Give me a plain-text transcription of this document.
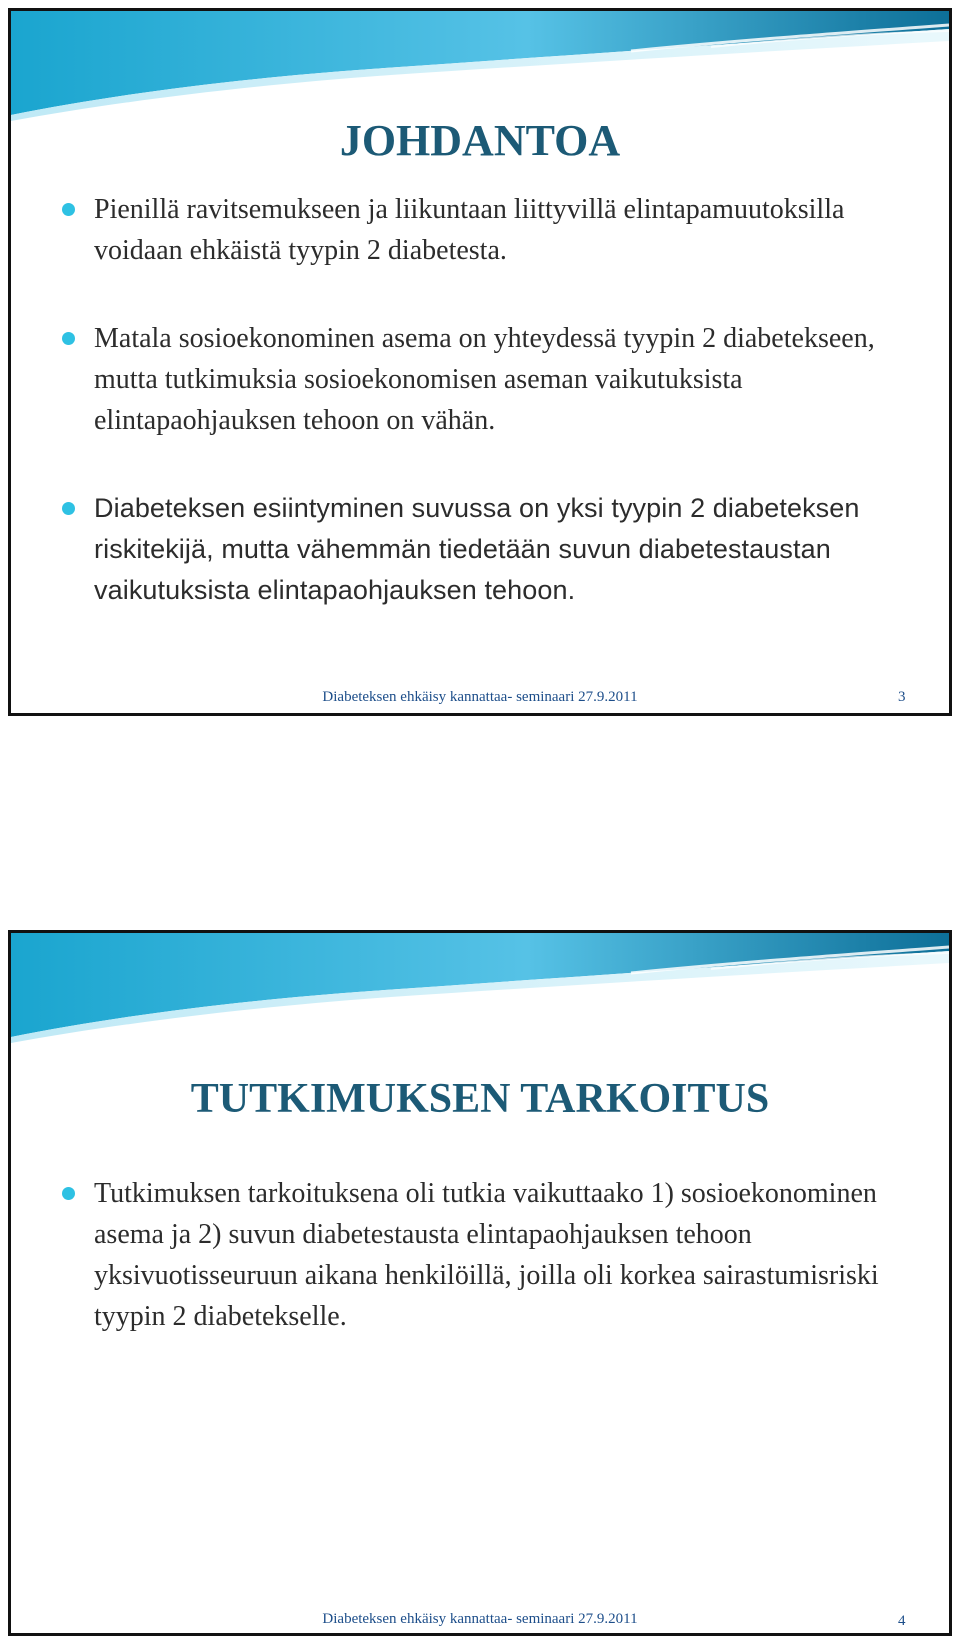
JOHDANTOA
Pienillä ravitsemukseen ja liikuntaan liittyvillä elintapamuutoksilla voidaan ehkäistä tyypin 2 diabetesta.
Matala sosioekonominen asema on yhteydessä tyypin 2 diabetekseen, mutta tutkimuksia sosioekonomisen aseman vaikutuksista elintapaohjauksen tehoon on vähän.
Diabeteksen esiintyminen suvussa on yksi tyypin 2 diabeteksen riskitekijä, mutta vähemmän tiedetään suvun diabetestaustan vaikutuksista elintapaohjauksen tehoon.
Diabeteksen ehkäisy kannattaa- seminaari 27.9.2011	3
TUTKIMUKSEN TARKOITUS
Tutkimuksen tarkoituksena oli tutkia vaikuttaako 1) sosioekonominen asema ja 2) suvun diabetestausta elintapaohjauksen tehoon yksivuotisseuruun aikana henkilöillä, joilla oli korkea sairastumisriski tyypin 2 diabetekselle.
Diabeteksen ehkäisy kannattaa- seminaari 27.9.2011	4
